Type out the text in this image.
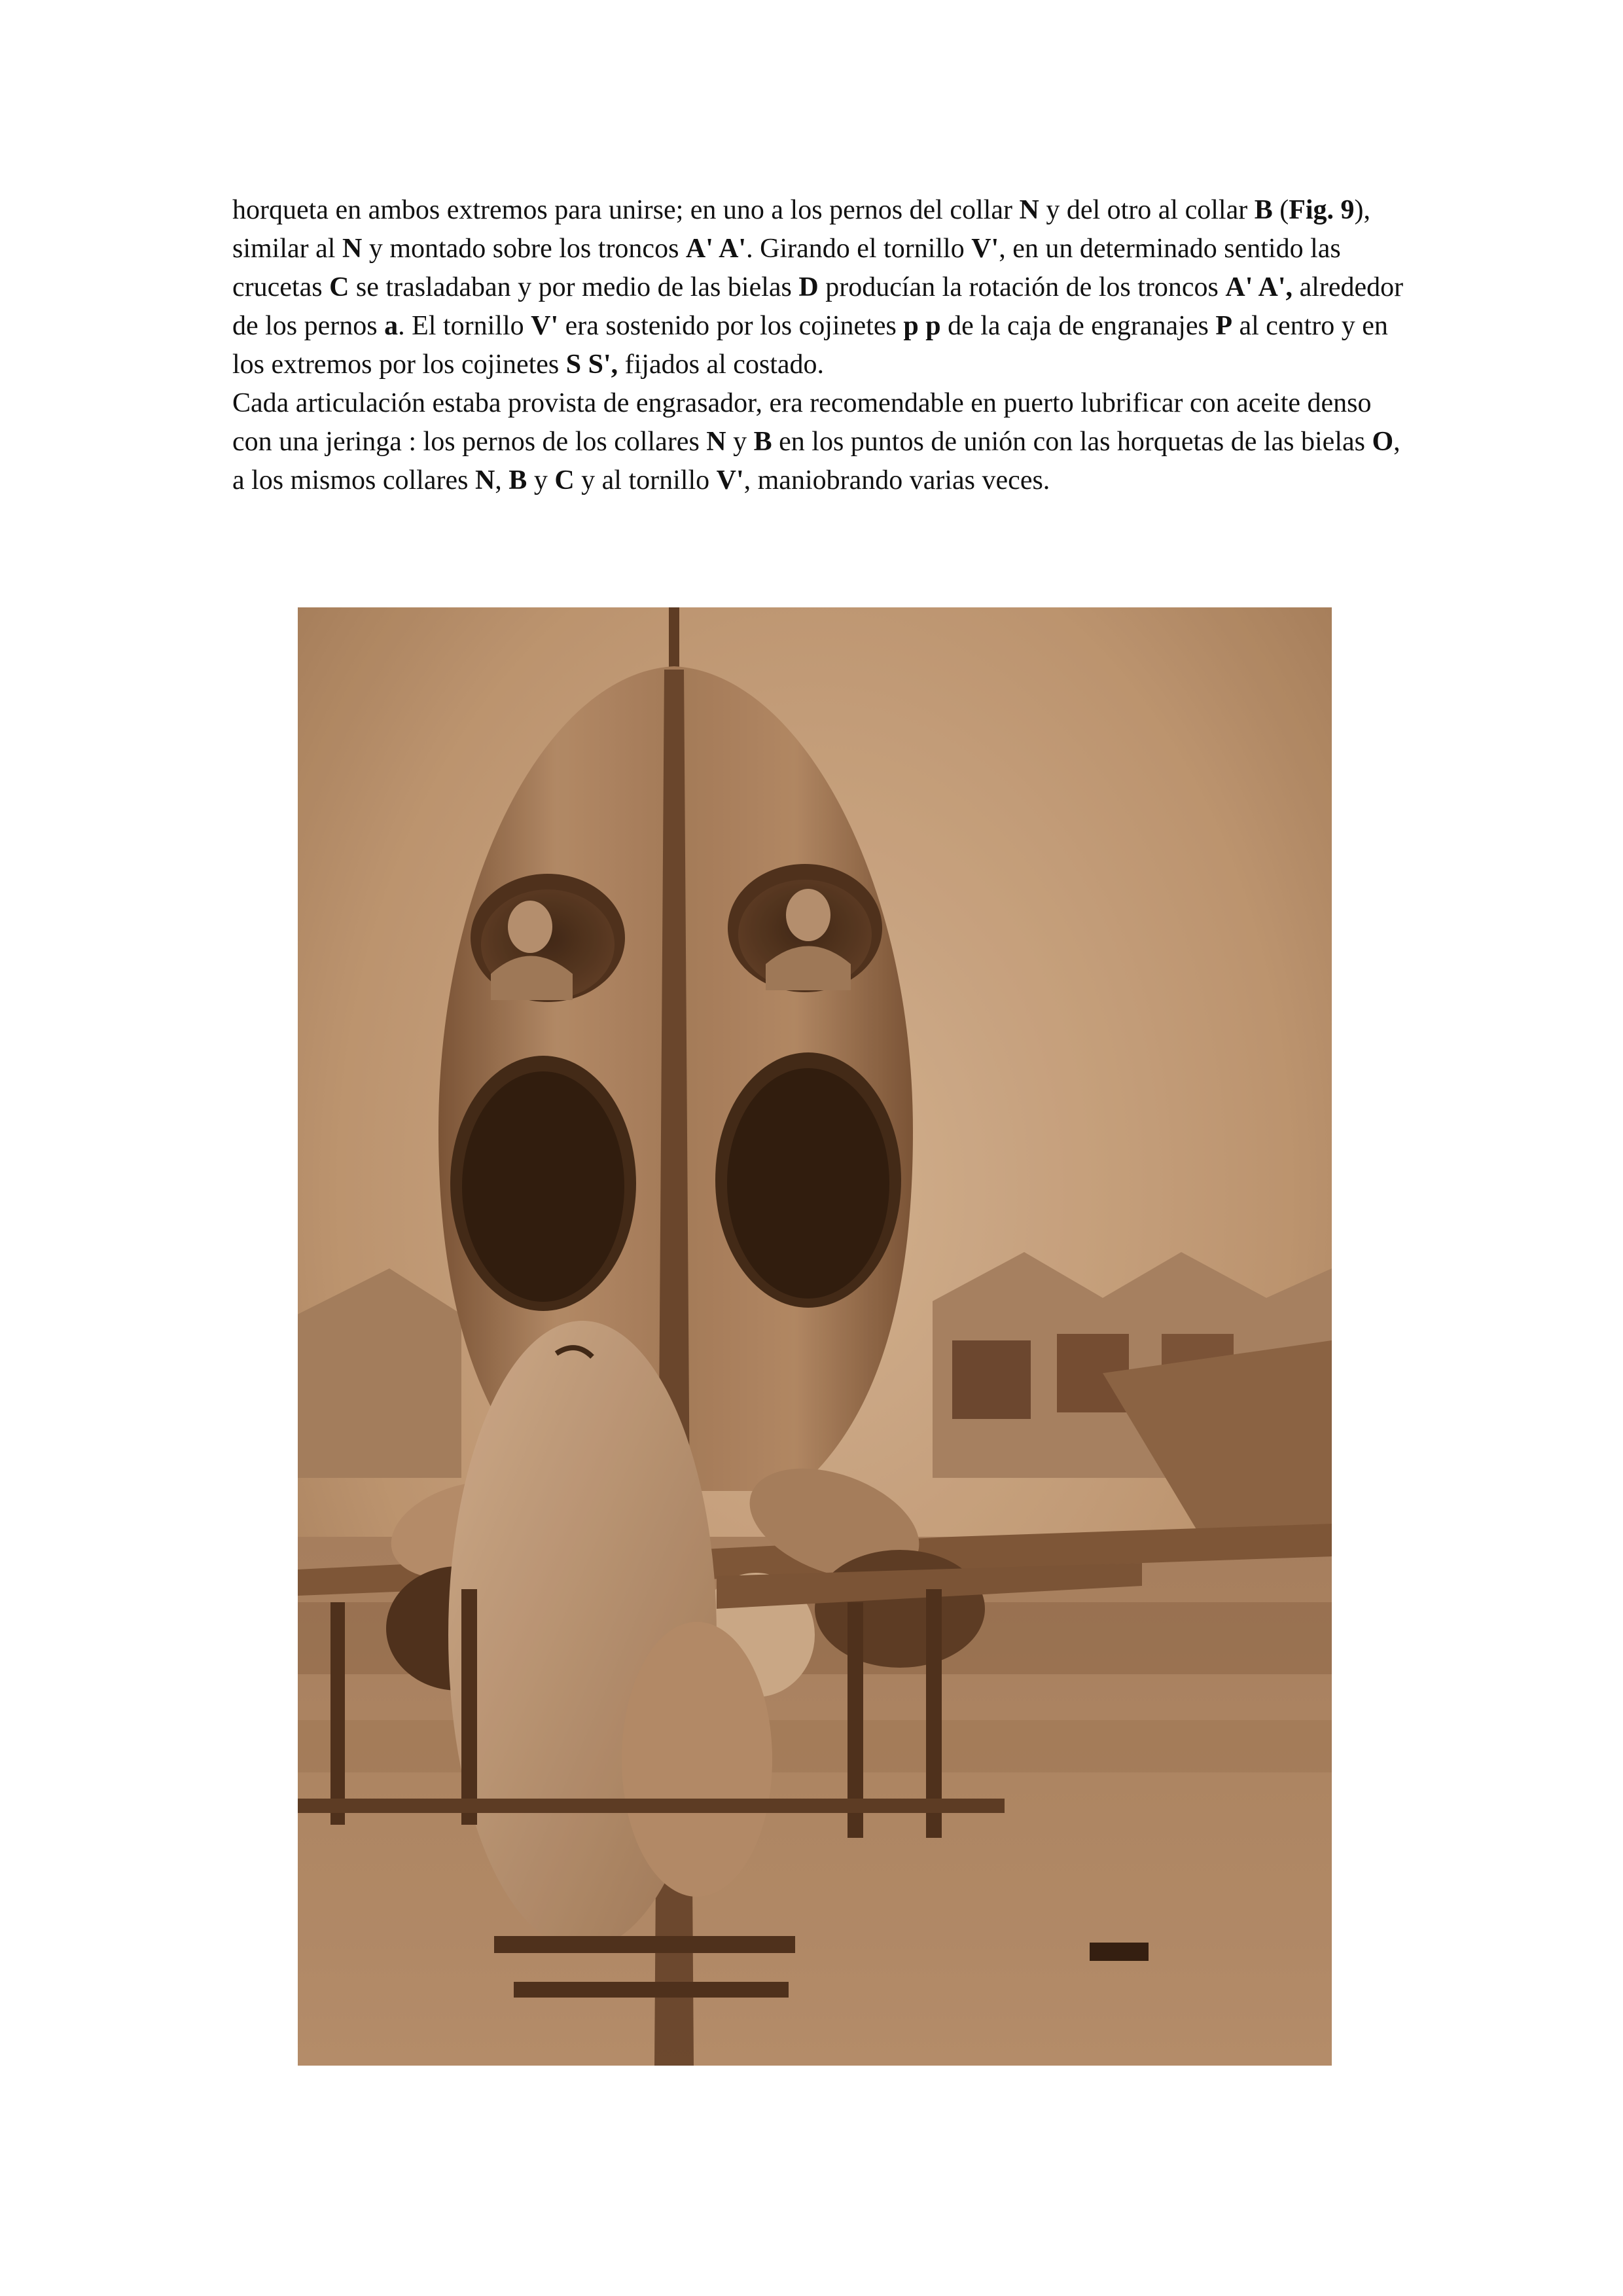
horqueta en ambos extremos para unirse; en uno a los pernos del collar N y del otro al collar B (Fig. 9), similar al N y montado sobre los troncos A' A'. Girando el tornillo V', en un determinado sentido las crucetas C se trasladaban y por medio de las bielas D producían la rotación de los troncos A' A', alrededor de los pernos a. El tornillo V' era sostenido por los cojinetes p p de la caja de engranajes P al centro y en los extremos por los cojinetes S S', fijados al costado.

Cada articulación estaba provista de engrasador, era recomendable en puerto lubrificar con aceite denso con una jeringa : los pernos de los collares N y B en los puntos de unión con las horquetas de las bielas O, a los mismos collares N, B y C y al tornillo V', maniobrando varias veces.
